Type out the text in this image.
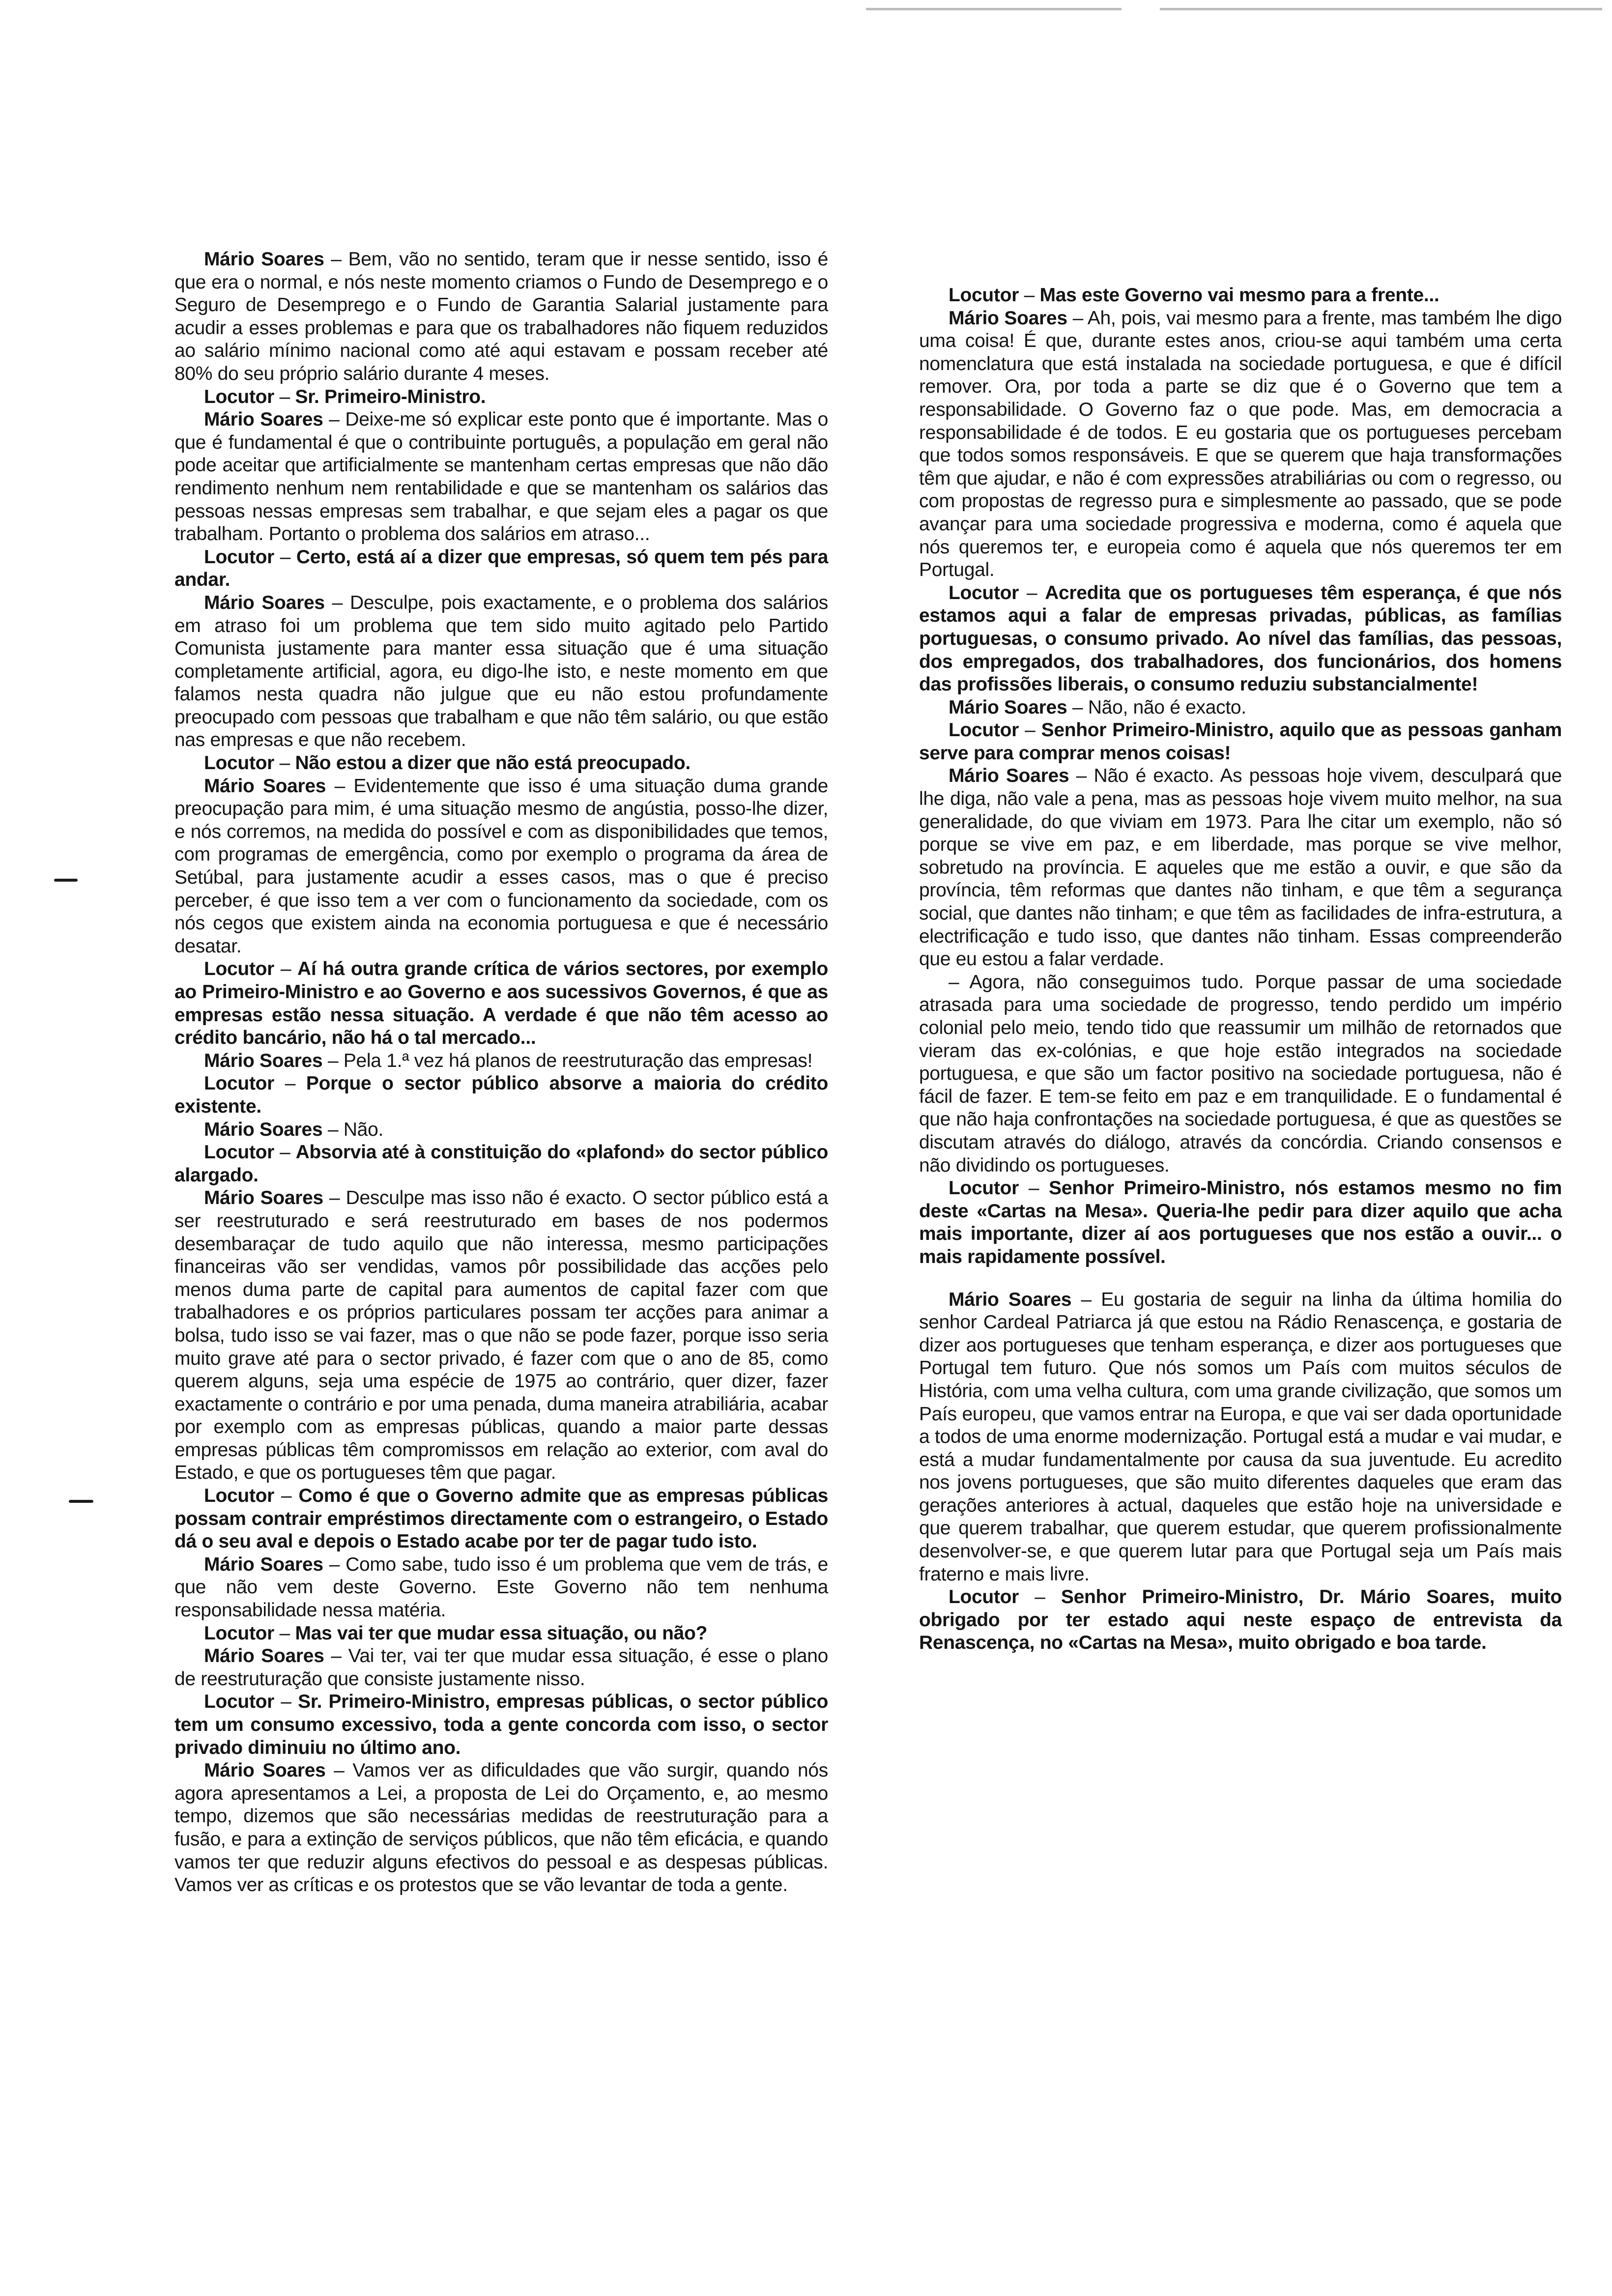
Mário Soares – Bem, vão no sentido, teram que ir nesse sentido, isso é que era o normal, e nós neste momento criamos o Fundo de Desemprego e o Seguro de Desemprego e o Fundo de Garantia Salarial justamente para acudir a esses problemas e para que os trabalhadores não fiquem reduzidos ao salário mínimo nacional como até aqui estavam e possam receber até 80% do seu próprio salário durante 4 meses.

Locutor – Sr. Primeiro-Ministro.

Mário Soares – Deixe-me só explicar este ponto que é importante. Mas o que é fundamental é que o contribuinte português, a população em geral não pode aceitar que artificialmente se mantenham certas empresas que não dão rendimento nenhum nem rentabilidade e que se mantenham os salários das pessoas nessas empresas sem trabalhar, e que sejam eles a pagar os que trabalham. Portanto o problema dos salários em atraso...

Locutor – Certo, está aí a dizer que empresas, só quem tem pés para andar.

Mário Soares – Desculpe, pois exactamente, e o problema dos salários em atraso foi um problema que tem sido muito agitado pelo Partido Comunista justamente para manter essa situação que é uma situação completamente artificial, agora, eu digo-lhe isto, e neste momento em que falamos nesta quadra não julgue que eu não estou profundamente preocupado com pessoas que trabalham e que não têm salário, ou que estão nas empresas e que não recebem.

Locutor – Não estou a dizer que não está preocupado.

Mário Soares – Evidentemente que isso é uma situação duma grande preocupação para mim, é uma situação mesmo de angústia, posso-lhe dizer, e nós corremos, na medida do possível e com as disponibilidades que temos, com programas de emergência, como por exemplo o programa da área de Setúbal, para justamente acudir a esses casos, mas o que é preciso perceber, é que isso tem a ver com o funcionamento da sociedade, com os nós cegos que existem ainda na economia portuguesa e que é necessário desatar.

Locutor – Aí há outra grande crítica de vários sectores, por exemplo ao Primeiro-Ministro e ao Governo e aos sucessivos Governos, é que as empresas estão nessa situação. A verdade é que não têm acesso ao crédito bancário, não há o tal mercado...

Mário Soares – Pela 1.ª vez há planos de reestruturação das empresas!

Locutor – Porque o sector público absorve a maioria do crédito existente.

Mário Soares – Não.

Locutor – Absorvia até à constituição do «plafond» do sector público alargado.

Mário Soares – Desculpe mas isso não é exacto. O sector público está a ser reestruturado e será reestruturado em bases de nos podermos desembaraçar de tudo aquilo que não interessa, mesmo participações financeiras vão ser vendidas, vamos pôr possibilidade das acções pelo menos duma parte de capital para aumentos de capital fazer com que trabalhadores e os próprios particulares possam ter acções para animar a bolsa, tudo isso se vai fazer, mas o que não se pode fazer, porque isso seria muito grave até para o sector privado, é fazer com que o ano de 85, como querem alguns, seja uma espécie de 1975 ao contrário, quer dizer, fazer exactamente o contrário e por uma penada, duma maneira atrabiliária, acabar por exemplo com as empresas públicas, quando a maior parte dessas empresas públicas têm compromissos em relação ao exterior, com aval do Estado, e que os portugueses têm que pagar.

Locutor – Como é que o Governo admite que as empresas públicas possam contrair empréstimos directamente com o estrangeiro, o Estado dá o seu aval e depois o Estado acabe por ter de pagar tudo isto.

Mário Soares – Como sabe, tudo isso é um problema que vem de trás, e que não vem deste Governo. Este Governo não tem nenhuma responsabilidade nessa matéria.

Locutor – Mas vai ter que mudar essa situação, ou não?

Mário Soares – Vai ter, vai ter que mudar essa situação, é esse o plano de reestruturação que consiste justamente nisso.

Locutor – Sr. Primeiro-Ministro, empresas públicas, o sector público tem um consumo excessivo, toda a gente concorda com isso, o sector privado diminuiu no último ano.

Mário Soares – Vamos ver as dificuldades que vão surgir, quando nós agora apresentamos a Lei, a proposta de Lei do Orçamento, e, ao mesmo tempo, dizemos que são necessárias medidas de reestruturação para a fusão, e para a extinção de serviços públicos, que não têm eficácia, e quando vamos ter que reduzir alguns efectivos do pessoal e as despesas públicas. Vamos ver as críticas e os protestos que se vão levantar de toda a gente.

Locutor – Mas este Governo vai mesmo para a frente...

Mário Soares – Ah, pois, vai mesmo para a frente, mas também lhe digo uma coisa! É que, durante estes anos, criou-se aqui também uma certa nomenclatura que está instalada na sociedade portuguesa, e que é difícil remover. Ora, por toda a parte se diz que é o Governo que tem a responsabilidade. O Governo faz o que pode. Mas, em democracia a responsabilidade é de todos. E eu gostaria que os portugueses percebam que todos somos responsáveis. E que se querem que haja transformações têm que ajudar, e não é com expressões atrabiliárias ou com o regresso, ou com propostas de regresso pura e simplesmente ao passado, que se pode avançar para uma sociedade progressiva e moderna, como é aquela que nós queremos ter, e europeia como é aquela que nós queremos ter em Portugal.

Locutor – Acredita que os portugueses têm esperança, é que nós estamos aqui a falar de empresas privadas, públicas, as famílias portuguesas, o consumo privado. Ao nível das famílias, das pessoas, dos empregados, dos trabalhadores, dos funcionários, dos homens das profissões liberais, o consumo reduziu substancialmente!

Mário Soares – Não, não é exacto.

Locutor – Senhor Primeiro-Ministro, aquilo que as pessoas ganham serve para comprar menos coisas!

Mário Soares – Não é exacto. As pessoas hoje vivem, desculpará que lhe diga, não vale a pena, mas as pessoas hoje vivem muito melhor, na sua generalidade, do que viviam em 1973. Para lhe citar um exemplo, não só porque se vive em paz, e em liberdade, mas porque se vive melhor, sobretudo na província. E aqueles que me estão a ouvir, e que são da província, têm reformas que dantes não tinham, e que têm a segurança social, que dantes não tinham; e que têm as facilidades de infra-estrutura, a electrificação e tudo isso, que dantes não tinham. Essas compreenderão que eu estou a falar verdade.

– Agora, não conseguimos tudo. Porque passar de uma sociedade atrasada para uma sociedade de progresso, tendo perdido um império colonial pelo meio, tendo tido que reassumir um milhão de retornados que vieram das ex-colónias, e que hoje estão integrados na sociedade portuguesa, e que são um factor positivo na sociedade portuguesa, não é fácil de fazer. E tem-se feito em paz e em tranquilidade. E o fundamental é que não haja confrontações na sociedade portuguesa, é que as questões se discutam através do diálogo, através da concórdia. Criando consensos e não dividindo os portugueses.

Locutor – Senhor Primeiro-Ministro, nós estamos mesmo no fim deste «Cartas na Mesa». Queria-lhe pedir para dizer aquilo que acha mais importante, dizer aí aos portugueses que nos estão a ouvir... o mais rapidamente possível.

Mário Soares – Eu gostaria de seguir na linha da última homilia do senhor Cardeal Patriarca já que estou na Rádio Renascença, e gostaria de dizer aos portugueses que tenham esperança, e dizer aos portugueses que Portugal tem futuro. Que nós somos um País com muitos séculos de História, com uma velha cultura, com uma grande civilização, que somos um País europeu, que vamos entrar na Europa, e que vai ser dada oportunidade a todos de uma enorme modernização. Portugal está a mudar e vai mudar, e está a mudar fundamentalmente por causa da sua juventude. Eu acredito nos jovens portugueses, que são muito diferentes daqueles que eram das gerações anteriores à actual, daqueles que estão hoje na universidade e que querem trabalhar, que querem estudar, que querem profissionalmente desenvolver-se, e que querem lutar para que Portugal seja um País mais fraterno e mais livre.

Locutor – Senhor Primeiro-Ministro, Dr. Mário Soares, muito obrigado por ter estado aqui neste espaço de entrevista da Renascença, no «Cartas na Mesa», muito obrigado e boa tarde.
